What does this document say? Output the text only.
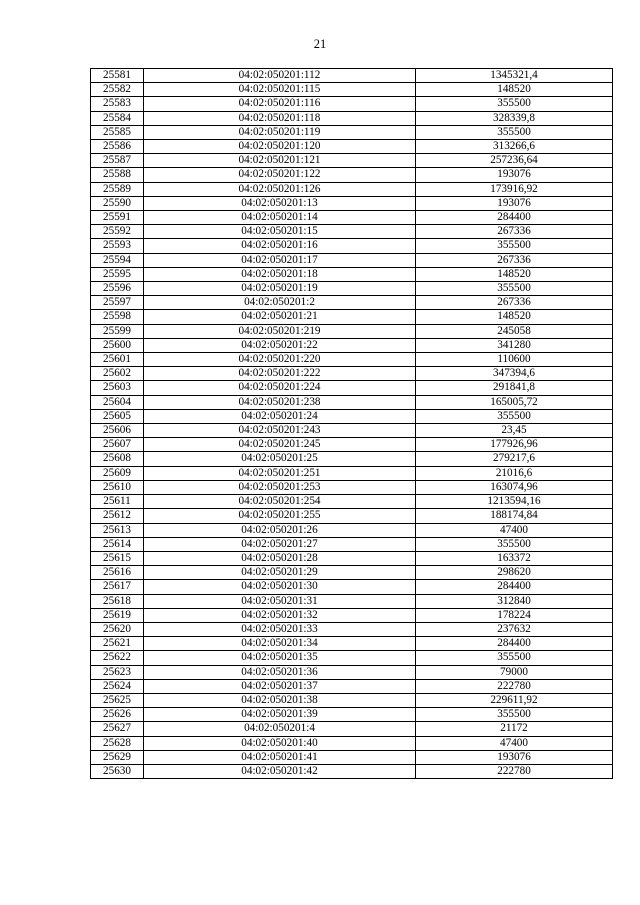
21
25581	04:02:050201:112	1345321,4
25582	04:02:050201:115	148520
25583	04:02:050201:116	355500
25584	04:02:050201:118	328339,8
25585	04:02:050201:119	355500
25586	04:02:050201:120	313266,6
25587	04:02:050201:121	257236,64
25588	04:02:050201:122	193076
25589	04:02:050201:126	173916,92
25590	04:02:050201:13	193076
25591	04:02:050201:14	284400
25592	04:02:050201:15	267336
25593	04:02:050201:16	355500
25594	04:02:050201:17	267336
25595	04:02:050201:18	148520
25596	04:02:050201:19	355500
25597	04:02:050201:2	267336
25598	04:02:050201:21	148520
25599	04:02:050201:219	245058
25600	04:02:050201:22	341280
25601	04:02:050201:220	110600
25602	04:02:050201:222	347394,6
25603	04:02:050201:224	291841,8
25604	04:02:050201:238	165005,72
25605	04:02:050201:24	355500
25606	04:02:050201:243	23,45
25607	04:02:050201:245	177926,96
25608	04:02:050201:25	279217,6
25609	04:02:050201:251	21016,6
25610	04:02:050201:253	163074,96
25611	04:02:050201:254	1213594,16
25612	04:02:050201:255	188174,84
25613	04:02:050201:26	47400
25614	04:02:050201:27	355500
25615	04:02:050201:28	163372
25616	04:02:050201:29	298620
25617	04:02:050201:30	284400
25618	04:02:050201:31	312840
25619	04:02:050201:32	178224
25620	04:02:050201:33	237632
25621	04:02:050201:34	284400
25622	04:02:050201:35	355500
25623	04:02:050201:36	79000
25624	04:02:050201:37	222780
25625	04:02:050201:38	229611,92
25626	04:02:050201:39	355500
25627	04:02:050201:4	21172
25628	04:02:050201:40	47400
25629	04:02:050201:41	193076
25630	04:02:050201:42	222780
